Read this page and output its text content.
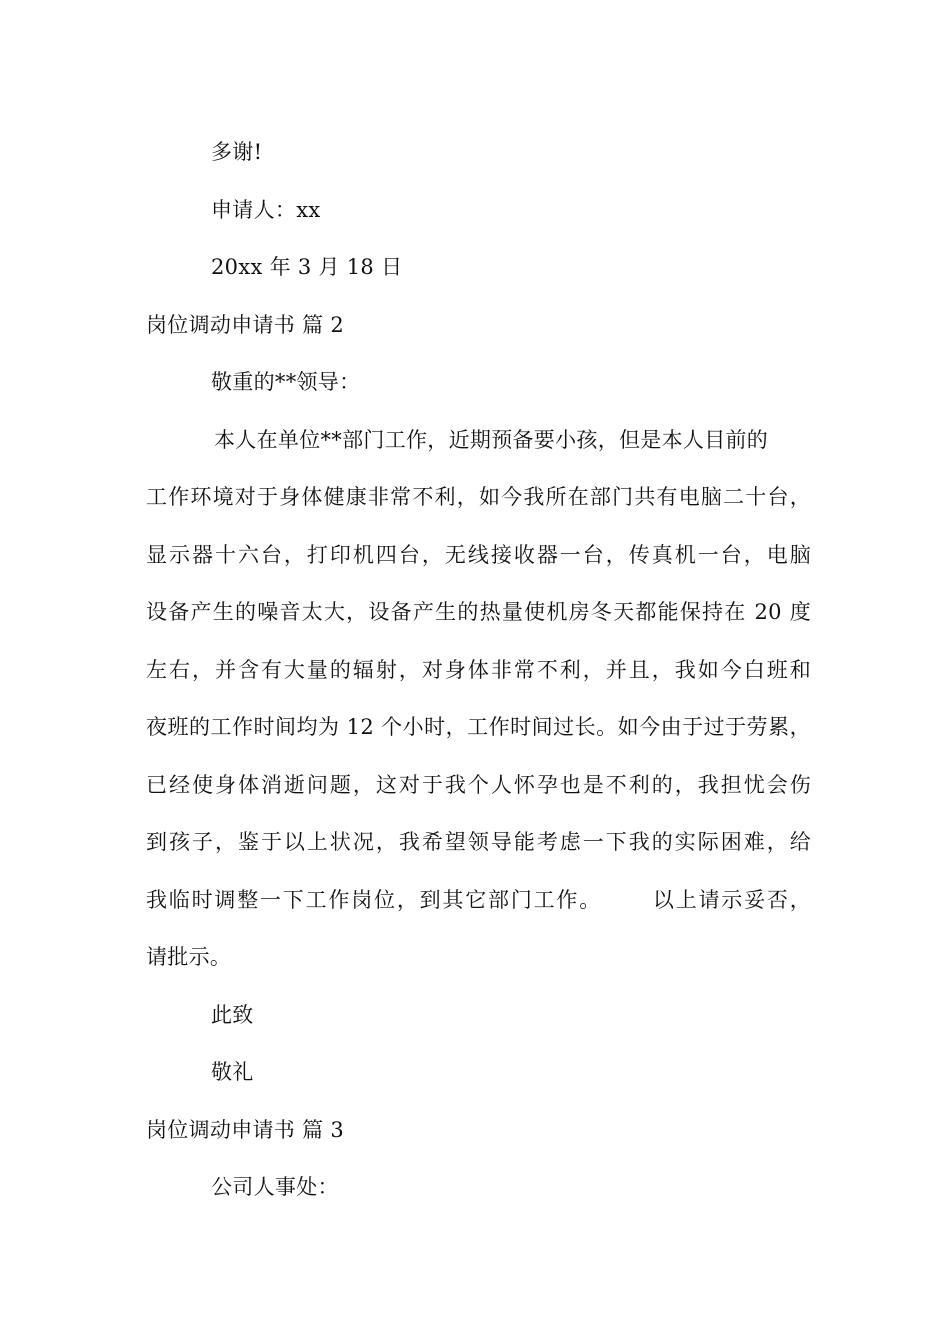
多谢!
申请人：xx
20xx 年 3 月 18 日
岗位调动申请书 篇 2
敬重的**领导：
本人在单位**部门工作，近期预备要小孩，但是本人目前的
工作环境对于身体健康非常不利，如今我所在部门共有电脑二十台，
显示器十六台，打印机四台，无线接收器一台，传真机一台，电脑
设备产生的噪音太大，设备产生的热量使机房冬天都能保持在 20 度
左右，并含有大量的辐射，对身体非常不利，并且，我如今白班和
夜班的工作时间均为 12 个小时，工作时间过长。如今由于过于劳累，
已经使身体消逝问题，这对于我个人怀孕也是不利的，我担忧会伤
到孩子，鉴于以上状况，我希望领导能考虑一下我的实际困难，给
我临时调整一下工作岗位，到其它部门工作。      以上请示妥否，
请批示。
此致
敬礼
岗位调动申请书 篇 3
公司人事处：
